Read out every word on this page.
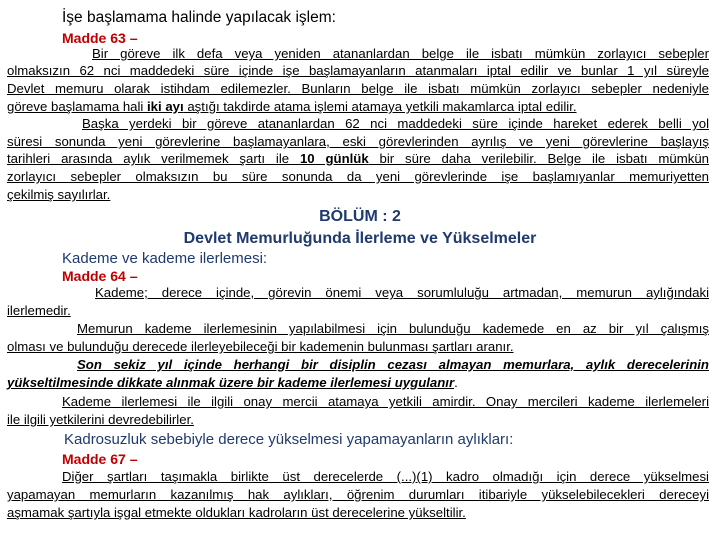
İşe başlamama halinde yapılacak işlem:
Madde 63 –
Bir göreve ilk defa veya yeniden atananlardan belge ile isbatı mümkün zorlayıcı sebepler
olmaksızın 62 nci maddedeki süre içinde işe başlamayanların atanmaları iptal edilir ve bunlar 1 yıl süreyle
Devlet memuru olarak istihdam edilemezler. Bunların belge ile isbatı mümkün zorlayıcı sebepler nedeniyle
göreve başlamama hali iki ayı aştığı takdirde atama işlemi atamaya yetkili makamlarca iptal edilir.
Başka yerdeki bir göreve atananlardan 62 nci maddedeki süre içinde hareket ederek belli yol
süresi sonunda yeni görevlerine başlamayanlara, eski görevlerinden ayrılış ve yeni görevlerine başlayış
tarihleri arasında aylık verilmemek şartı ile 10 günlük bir süre daha verilebilir. Belge ile isbatı mümkün
zorlayıcı sebepler olmaksızın bu süre sonunda da yeni görevlerinde işe başlamıyanlar memuriyetten
çekilmiş sayılırlar.
BÖLÜM : 2
Devlet Memurluğunda İlerleme ve Yükselmeler
Kademe ve kademe ilerlemesi:
Madde 64 –
Kademe; derece içinde, görevin önemi veya sorumluluğu artmadan, memurun aylığındaki
ilerlemedir.
Memurun kademe ilerlemesinin yapılabilmesi için bulunduğu kademede en az bir yıl çalışmış
olması ve bulunduğu derecede ilerleyebileceği bir kademenin bulunması şartları aranır.
Son sekiz yıl içinde herhangi bir disiplin cezası almayan memurlara, aylık derecelerinin
yükseltilmesinde dikkate alınmak üzere bir kademe ilerlemesi uygulanır.
Kademe ilerlemesi ile ilgili onay mercii atamaya yetkili amirdir. Onay mercileri kademe ilerlemeleri
ile ilgili yetkilerini devredebilirler.
Kadrosuzluk sebebiyle derece yükselmesi yapamayanların aylıkları:
Madde 67 –
Diğer şartları taşımakla birlikte üst derecelerde (...)(1) kadro olmadığı için derece yükselmesi
yapamayan memurların kazanılmış hak aylıkları, öğrenim durumları itibariyle yükselebilecekleri dereceyi
aşmamak şartıyla işgal etmekte oldukları kadroların üst derecelerine yükseltilir.
